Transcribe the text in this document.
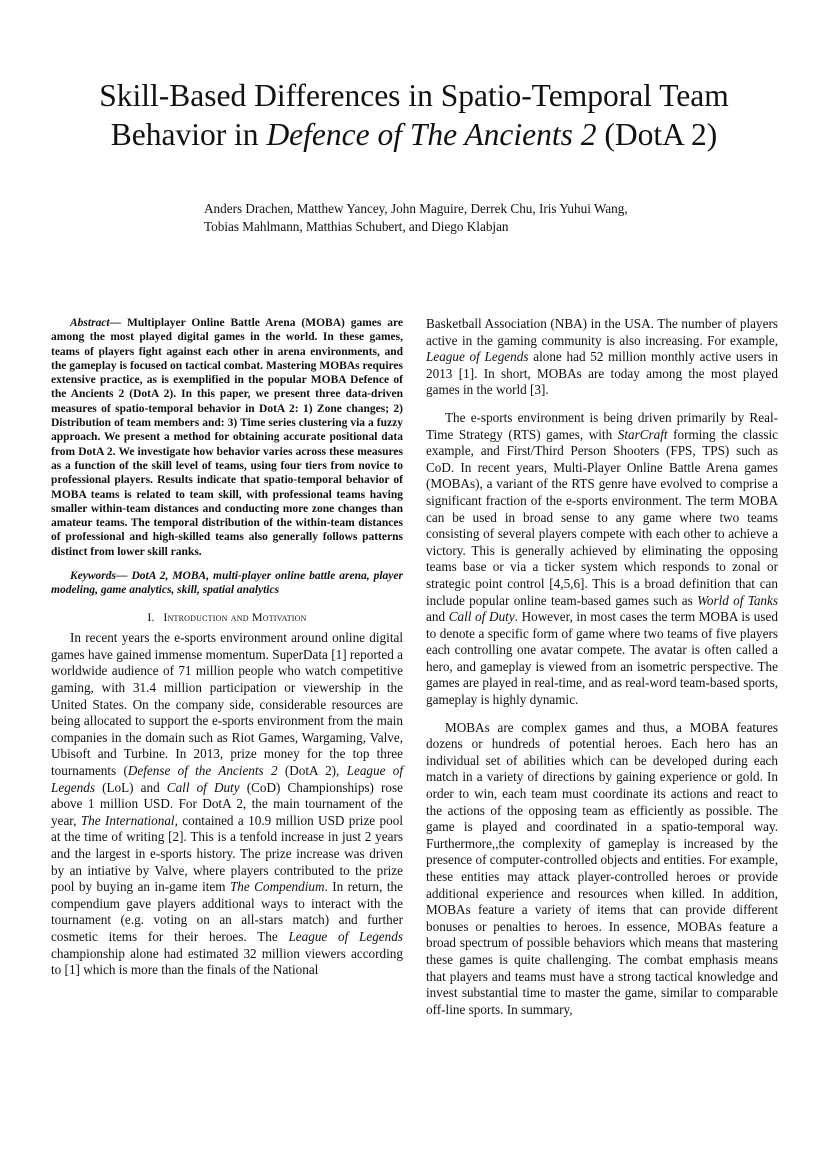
Skill-Based Differences in Spatio-Temporal Team
Behavior in Defence of The Ancients 2 (DotA 2)
Anders Drachen, Matthew Yancey, John Maguire, Derrek Chu, Iris Yuhui Wang,
Tobias Mahlmann, Matthias Schubert, and Diego Klabjan

Abstract— Multiplayer Online Battle Arena (MOBA) games are among the most played digital games in the world. In these games, teams of players fight against each other in arena environments, and the gameplay is focused on tactical combat. Mastering MOBAs requires extensive practice, as is exemplified in the popular MOBA Defence of the Ancients 2 (DotA 2). In this paper, we present three data-driven measures of spatio-temporal behavior in DotA 2: 1) Zone changes; 2) Distribution of team members and: 3) Time series clustering via a fuzzy approach. We present a method for obtaining accurate positional data from DotA 2. We investigate how behavior varies across these measures as a function of the skill level of teams, using four tiers from novice to professional players. Results indicate that spatio-temporal behavior of MOBA teams is related to team skill, with professional teams having smaller within-team distances and conducting more zone changes than amateur teams. The temporal distribution of the within-team distances of professional and high-skilled teams also generally follows patterns distinct from lower skill ranks.

Keywords— DotA 2, MOBA, multi-player online battle arena, player modeling, game analytics, skill, spatial analytics

I. Introduction and Motivation

In recent years the e-sports environment around online digital games have gained immense momentum. SuperData [1] reported a worldwide audience of 71 million people who watch competitive gaming, with 31.4 million participation or viewership in the United States. On the company side, considerable resources are being allocated to support the e-sports environment from the main companies in the domain such as Riot Games, Wargaming, Valve, Ubisoft and Turbine. In 2013, prize money for the top three tournaments (Defense of the Ancients 2 (DotA 2), League of Legends (LoL) and Call of Duty (CoD) Championships) rose above 1 million USD. For DotA 2, the main tournament of the year, The International, contained a 10.9 million USD prize pool at the time of writing [2]. This is a tenfold increase in just 2 years and the largest in e-sports history. The prize increase was driven by an intiative by Valve, where players contributed to the prize pool by buying an in-game item The Compendium. In return, the compendium gave players additional ways to interact with the tournament (e.g. voting on an all-stars match) and further cosmetic items for their heroes. The League of Legends championship alone had estimated 32 million viewers according to [1] which is more than the finals of the National

Basketball Association (NBA) in the USA. The number of players active in the gaming community is also increasing. For example, League of Legends alone had 52 million monthly active users in 2013 [1]. In short, MOBAs are today among the most played games in the world [3].

The e-sports environment is being driven primarily by Real-Time Strategy (RTS) games, with StarCraft forming the classic example, and First/Third Person Shooters (FPS, TPS) such as CoD. In recent years, Multi-Player Online Battle Arena games (MOBAs), a variant of the RTS genre have evolved to comprise a significant fraction of the e-sports environment. The term MOBA can be used in broad sense to any game where two teams consisting of several players compete with each other to achieve a victory. This is generally achieved by eliminating the opposing teams base or via a ticker system which responds to zonal or strategic point control [4,5,6]. This is a broad definition that can include popular online team-based games such as World of Tanks and Call of Duty. However, in most cases the term MOBA is used to denote a specific form of game where two teams of five players each controlling one avatar compete. The avatar is often called a hero, and gameplay is viewed from an isometric perspective. The games are played in real-time, and as real-word team-based sports, gameplay is highly dynamic.

MOBAs are complex games and thus, a MOBA features dozens or hundreds of potential heroes. Each hero has an individual set of abilities which can be developed during each match in a variety of directions by gaining experience or gold. In order to win, each team must coordinate its actions and react to the actions of the opposing team as efficiently as possible. The game is played and coordinated in a spatio-temporal way. Furthermore,,the complexity of gameplay is increased by the presence of computer-controlled objects and entities. For example, these entities may attack player-controlled heroes or provide additional experience and resources when killed. In addition, MOBAs feature a variety of items that can provide different bonuses or penalties to heroes. In essence, MOBAs feature a broad spectrum of possible behaviors which means that mastering these games is quite challenging. The combat emphasis means that players and teams must have a strong tactical knowledge and invest substantial time to master the game, similar to comparable off-line sports. In summary,
